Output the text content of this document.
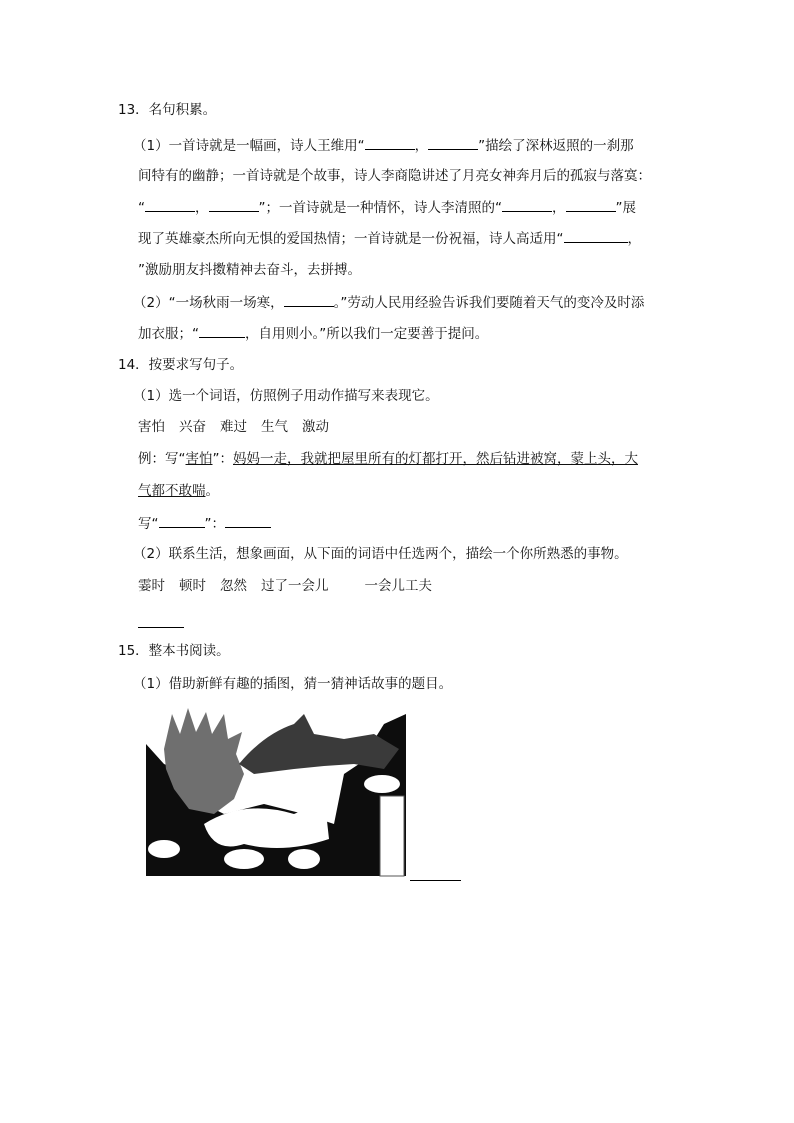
13．名句积累。
（1）一首诗就是一幅画，诗人王维用“	，	”描绘了深林返照的一刹那
间特有的幽静；一首诗就是个故事，诗人李商隐讲述了月亮女神奔月后的孤寂与落寞：
“	，	”；一首诗就是一种情怀，诗人李清照的“	，	”展
现了英雄豪杰所向无惧的爱国热情；一首诗就是一份祝福，诗人高适用“	，
”激励朋友抖擞精神去奋斗，去拼搏。
（2）“一场秋雨一场寒，	。”劳动人民用经验告诉我们要随着天气的变冷及时添
加衣服；“	，自用则小。”所以我们一定要善于提问。
14．按要求写句子。
（1）选一个词语，仿照例子用动作描写来表现它。
害怕 兴奋 难过 生气 激动
例：写“害怕”：妈妈一走，我就把屋里所有的灯都打开，然后钻进被窝，蒙上头，大
气都不敢喘。
写“	”：
（2）联系生活，想象画面，从下面的词语中任选两个，描绘一个你所熟悉的事物。
霎时 顿时 忽然 过了一会儿	一会儿工夫
15．整本书阅读。
（1）借助新鲜有趣的插图，猜一猜神话故事的题目。
